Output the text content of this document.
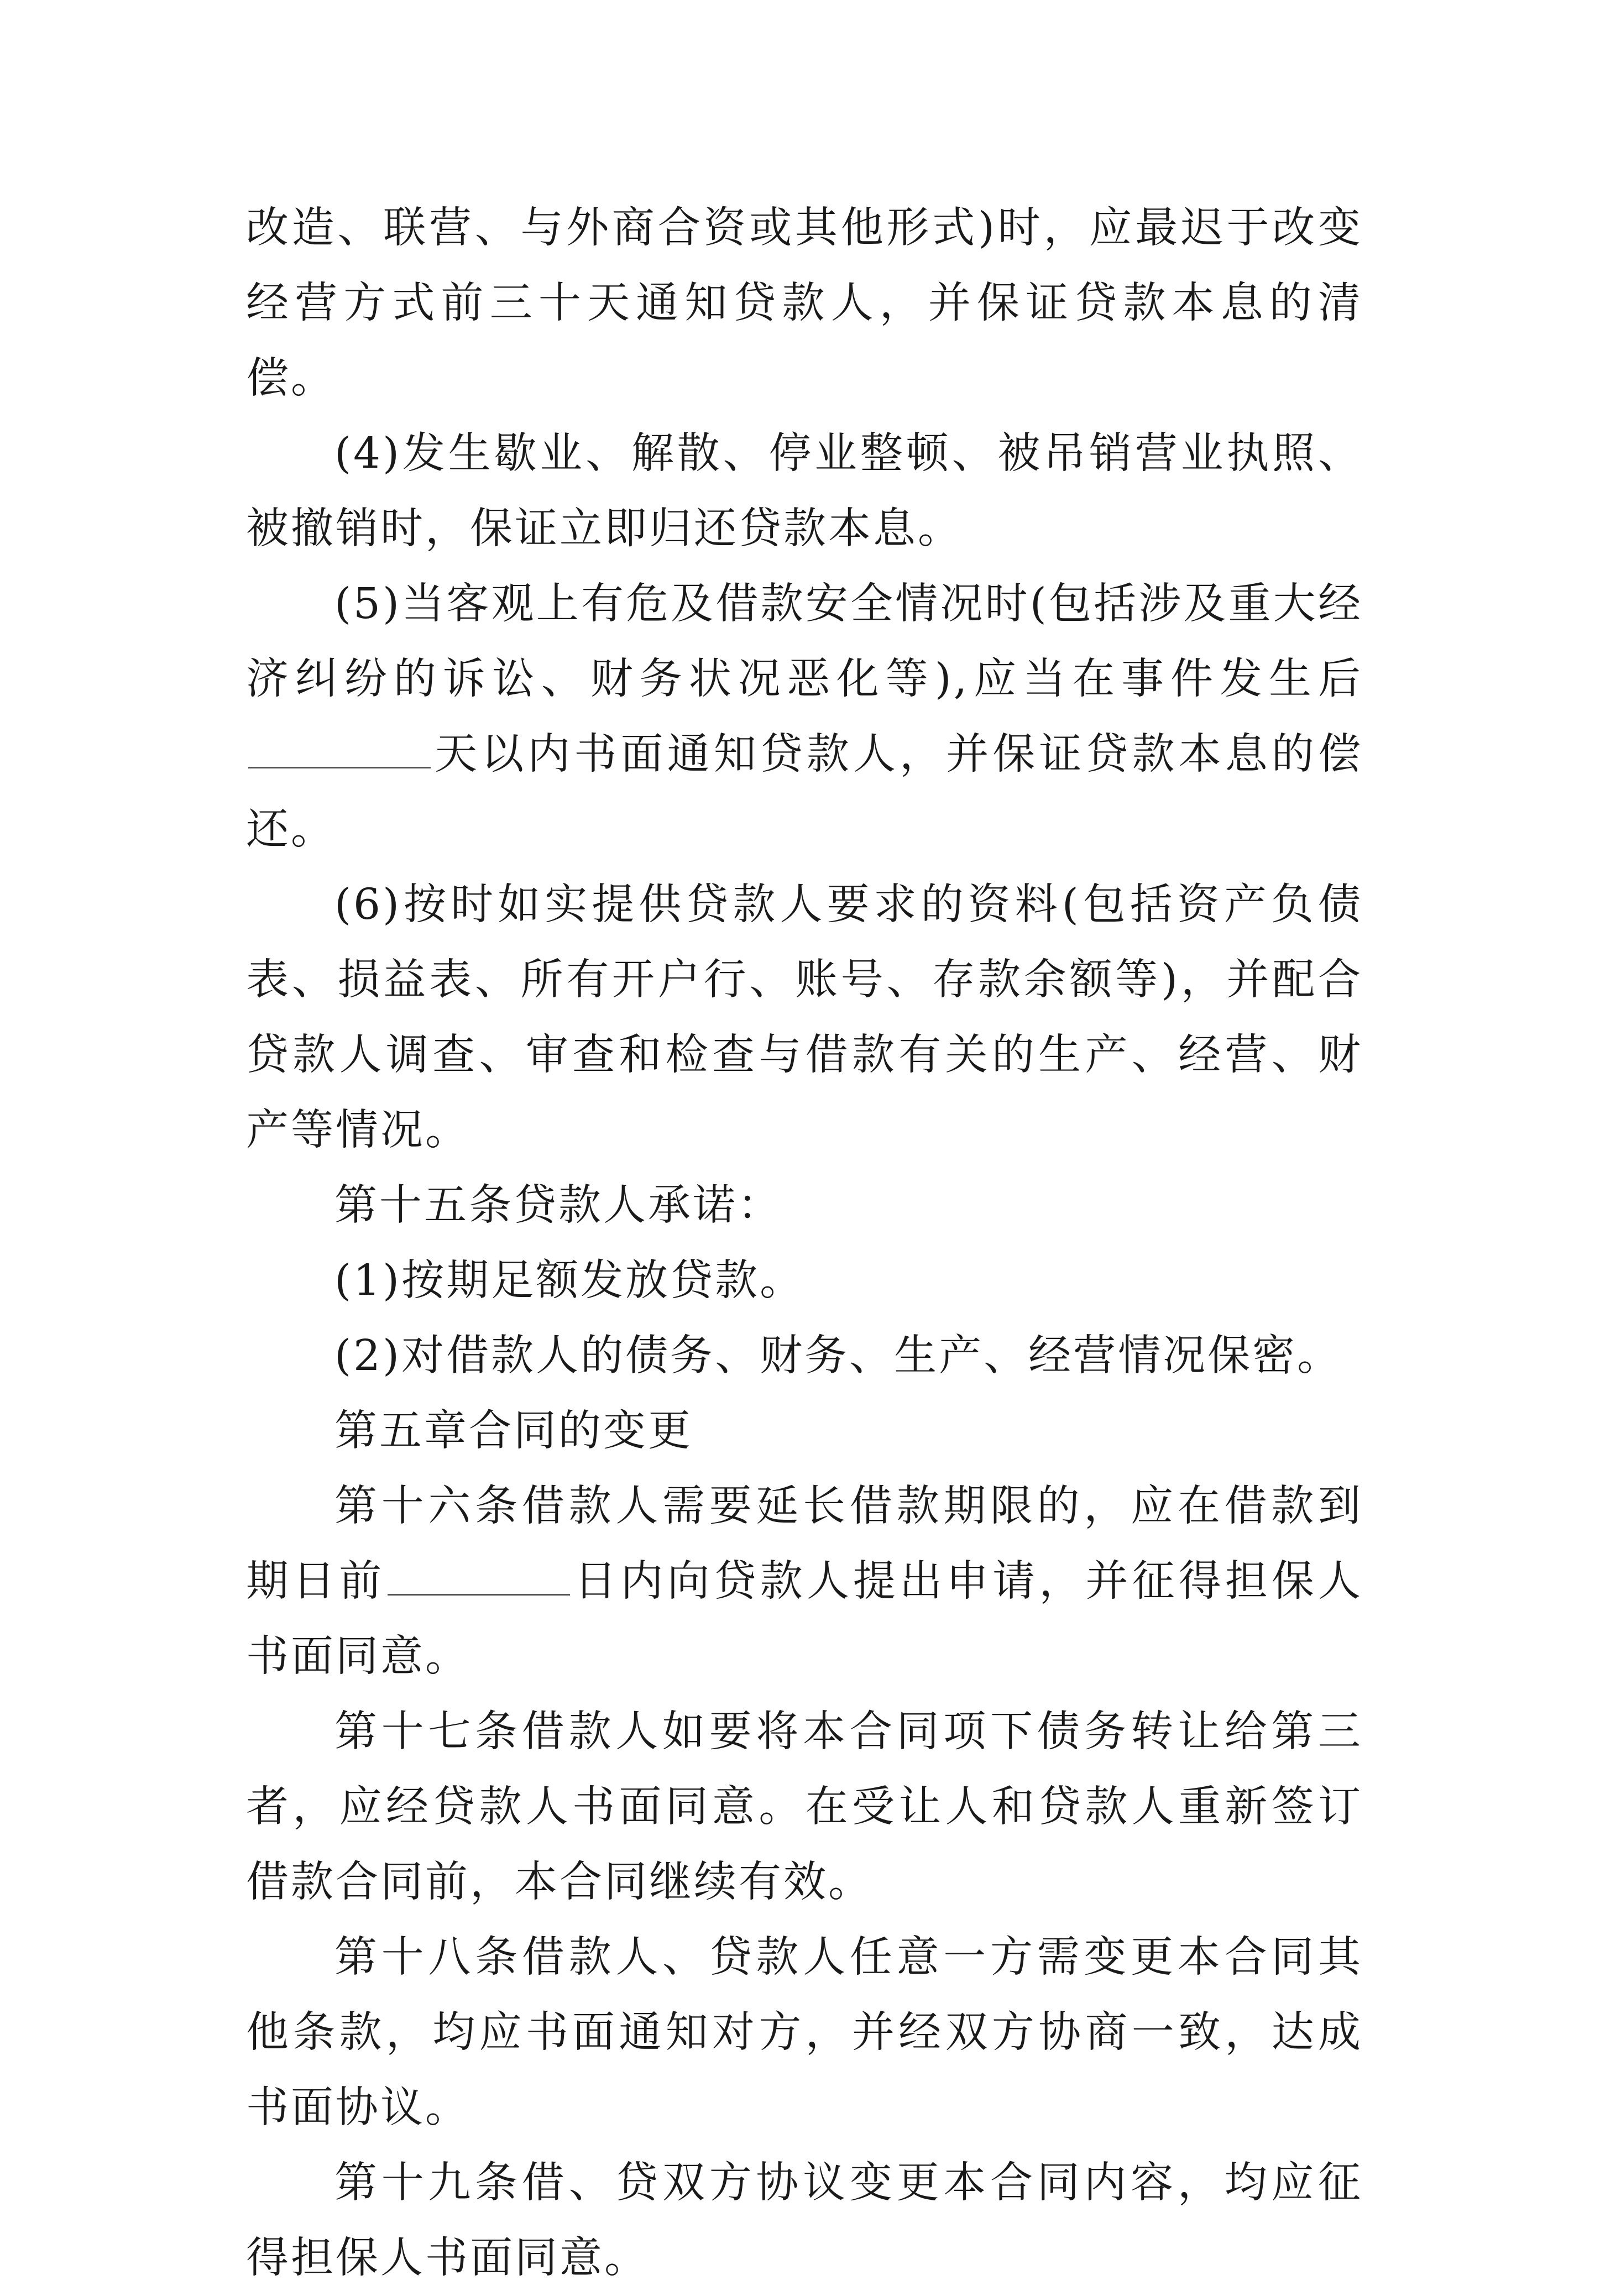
改造、联营、与外商合资或其他形式)时，应最迟于改变经营方式前三十天通知贷款人，并保证贷款本息的清偿。

(4)发生歇业、解散、停业整顿、被吊销营业执照、被撤销时，保证立即归还贷款本息。

(5)当客观上有危及借款安全情况时(包括涉及重大经济纠纷的诉讼、财务状况恶化等),应当在事件发生后天以内书面通知贷款人，并保证贷款本息的偿还。

(6)按时如实提供贷款人要求的资料(包括资产负债表、损益表、所有开户行、账号、存款余额等)，并配合贷款人调查、审查和检查与借款有关的生产、经营、财产等情况。

第十五条贷款人承诺：

(1)按期足额发放贷款。

(2)对借款人的债务、财务、生产、经营情况保密。

第五章合同的变更

第十六条借款人需要延长借款期限的，应在借款到期日前	日内向贷款人提出申请，并征得担保人书面同意。

第十七条借款人如要将本合同项下债务转让给第三者，应经贷款人书面同意。在受让人和贷款人重新签订借款合同前，本合同继续有效。

第十八条借款人、贷款人任意一方需变更本合同其他条款，均应书面通知对方，并经双方协商一致，达成书面协议。

第十九条借、贷双方协议变更本合同内容，均应征得担保人书面同意。
